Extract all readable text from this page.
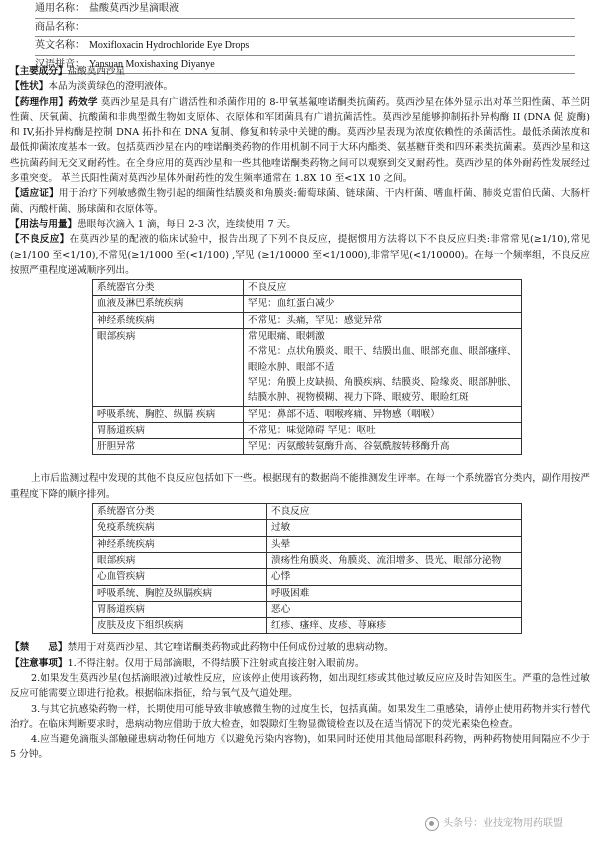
通用名称： 盐酸莫西沙星滴眼液
商品名称：
英文名称： Moxifloxacin Hydrochloride Eye Drops
汉语拼音： Yansuan Moxishaxing Diyanye

【主要成分】盐酸莫西沙星

【性状】本品为淡黄绿色的澄明液体。

【药理作用】药效学 莫西沙星是具有广谱活性和杀菌作用的 8-甲氧基氟喹诺酮类抗菌药。莫西沙星在体外显示出对革兰阳性菌、革兰阴性菌、厌氧菌、抗酸菌和非典型微生物如支原体、衣原体和军团菌具有广谱抗菌活性。莫西沙星能够抑制拓扑异构酶 II (DNA 促 旋酶) 和 IV,拓扑异构酶是控制 DNA 拓扑和在 DNA 复制、修复和转录中关键的酶。莫西沙星表现为浓度依赖性的杀菌活性。最低杀菌浓度和最低抑菌浓度基本一致。包括莫西沙星在内的喹诺酮类药物的作用机制不同于大环内酯类、氨基糖苷类和四环素类抗菌素。莫西沙星和这些抗菌药间无交叉耐药性。在全身应用的莫西沙星和一些其他喹诺酮类药物之间可以观察到交叉耐药性。莫西沙星的体外耐药性发展经过多重突变。 革兰氏阳性菌对莫西沙星体外耐药性的发生频率通常在 1.8X 10 至<1X 10 之间。

【适应证】用于治疗下列敏感微生物引起的细菌性结膜炎和角膜炎:葡萄球菌、链球菌、干内杆菌、嗜血杆菌、肺炎克雷伯氏菌、大肠杆菌、丙酸杆菌、肠球菌和衣原体等。

【用法与用量】患眼每次滴入 1 滴，每日 2-3 次，连续使用 7 天。

【不良反应】在莫西沙星的配液的临床试验中，报告出现了下列不良反应，提据惯用方法将以下不良反应归类:非常常见(≥1/10),常见(≥1/100 至<1/10),不常见(≥1/1000 至(<1/100) ,罕见 (≥1/10000 至<1/1000),非常罕见(<1/10000)。在每一个频率组，不良反应按照严重程度递减顺序列出。

系统器官分类	不良反应
血液及淋巴系统疾病	罕见：血红蛋白减少

神经系统疾病	不常见：头痛，罕见：感觉异常

眼部疾病	常见眼痛、眼刺激
不常见：点状角膜炎、眼干、结膜出血、眼部充血、眼部瘙痒、眼睑水肿、眼部不适
罕见：角膜上皮缺损、角膜疾病、结膜炎、险缘炎、眼部肿胀、结膜水肿、视物模糊、视力下降、眼疲劳、眼睑红斑

呼吸系统、胸腔、纵膈 疾病	罕见：鼻部不适、咽喉疼痛、异物感（咽喉）

胃肠道疾病	不常见：味觉障碍 罕见：呕吐

肝胆异常	罕见：丙氨酸转氨酶升高、谷氨酰胺转移酶升高

上市后监测过程中发现的其他不良反应包括如下一些。根据现有的数据尚不能推测发生评率。在每一个系统器官分类内，副作用按严重程度下降的顺序排列。

系统器官分类	不良反应
免疫系统疾病	过敏
神经系统疾病	头晕
眼部疾病	溃疡性角膜炎、角膜炎、流泪增多、畏光、眼部分泌物
心血管疾病	心悸
呼吸系统、胸腔及纵膈疾病	呼吸困难
胃肠道疾病	恶心
皮肤及皮下组织疾病	红疹、瘙痒、皮疹、荨麻疹

【禁　　忌】禁用于对莫西沙星、其它喹诺酮类药物或此药物中任何成份过敏的患病动物。

【注意事项】1.不得注射。仅用于局部滴眼，不得结膜下注射或直接注射入眼前房。

2.如果发生莫西沙星(包括滴眼液)过敏性反应，应该停止使用该药物，如出现红疹或其他过敏反应应及时告知医生。严重的急性过敏反应可能需要立即进行抢救。根据临床指征，给与氧气及气道处理。

3.与其它抗感染药物一样，长期使用可能导致非敏感微生物的过度生长，包括真菌。如果发生二重感染，请停止使用药物并实行替代治疗。在临床判断要求时，患病动物应借助于放大检查，如裂隙灯生物显微镜检查以及在适当情况下的荧光素染色检查。

4.应当避免滴瓶头部触碰患病动物任何地方《以避免污染内容物)，如果同时还使用其他局部眼科药物，两种药物使用间隔应不少于 5 分钟。

头条号：业技宠物用药联盟
